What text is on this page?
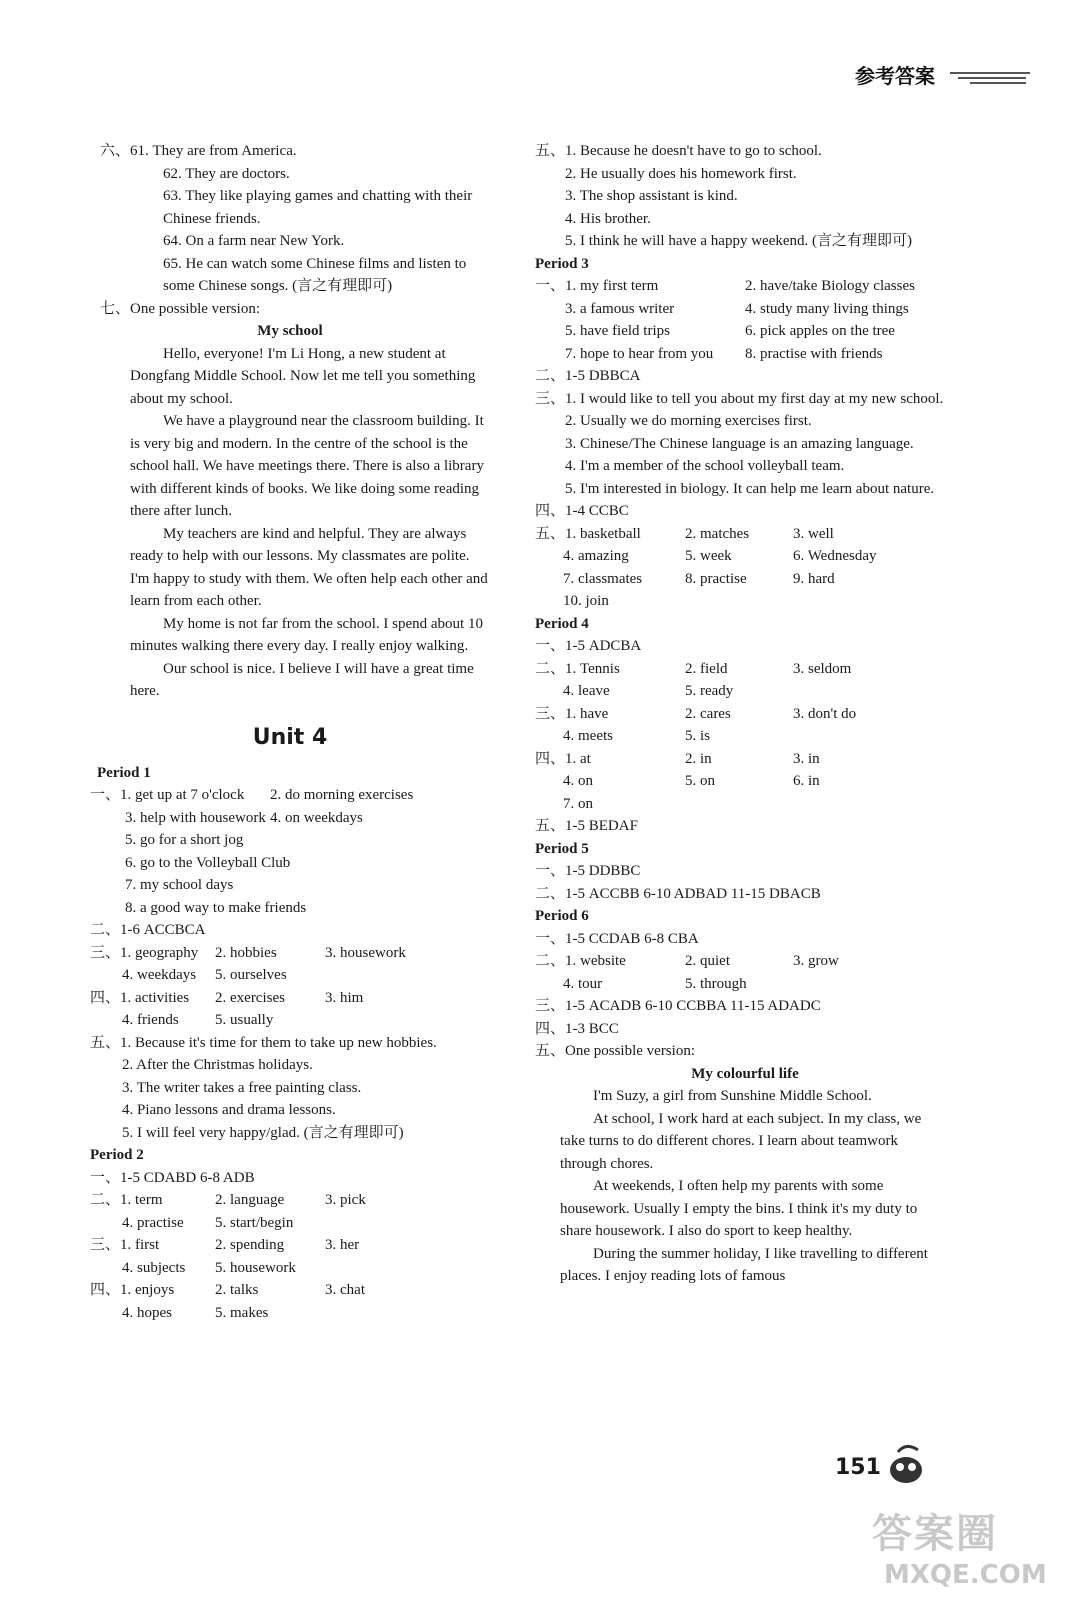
参考答案
六、61. They are from America.
62. They are doctors.
63. They like playing games and chatting with their Chinese friends.
64. On a farm near New York.
65. He can watch some Chinese films and listen to some Chinese songs. (言之有理即可)
七、One possible version:
My school
Hello, everyone! I'm Li Hong, a new student at Dongfang Middle School. Now let me tell you something about my school.
We have a playground near the classroom building. It is very big and modern. In the centre of the school is the school hall. We have meetings there. There is also a library with different kinds of books. We like doing some reading there after lunch.
My teachers are kind and helpful. They are always ready to help with our lessons. My classmates are polite. I'm happy to study with them. We often help each other and learn from each other.
My home is not far from the school. I spend about 10 minutes walking there every day. I really enjoy walking.
Our school is nice. I believe I will have a great time here.
Unit 4
Period 1
一、1. get up at 7 o'clock	2. do morning exercises
3. help with housework 4. on weekdays
5. go for a short jog
6. go to the Volleyball Club
7. my school days
8. a good way to make friends
二、1-6 ACCBCA
三、1. geography	2. hobbies	3. housework
4. weekdays	5. ourselves
四、1. activities	2. exercises	3. him
4. friends	5. usually
五、1. Because it's time for them to take up new hobbies.
2. After the Christmas holidays.
3. The writer takes a free painting class.
4. Piano lessons and drama lessons.
5. I will feel very happy/glad. (言之有理即可)
Period 2
一、1-5 CDABD 6-8 ADB
二、1. term	2. language	3. pick
4. practise	5. start/begin
三、1. first	2. spending	3. her
4. subjects	5. housework
四、1. enjoys	2. talks	3. chat
4. hopes	5. makes
五、1. Because he doesn't have to go to school.
2. He usually does his homework first.
3. The shop assistant is kind.
4. His brother.
5. I think he will have a happy weekend. (言之有理即可)
Period 3
一、1. my first term	2. have/take Biology classes
3. a famous writer	4. study many living things
5. have field trips	6. pick apples on the tree
7. hope to hear from you	8. practise with friends
二、1-5 DBBCA
三、1. I would like to tell you about my first day at my new school.
2. Usually we do morning exercises first.
3. Chinese/The Chinese language is an amazing language.
4. I'm a member of the school volleyball team.
5. I'm interested in biology. It can help me learn about nature.
四、1-4 CCBC
五、1. basketball	2. matches	3. well
4. amazing	5. week	6. Wednesday
7. classmates	8. practise	9. hard
10. join
Period 4
一、1-5 ADCBA
二、1. Tennis	2. field	3. seldom
4. leave	5. ready
三、1. have	2. cares	3. don't do
4. meets	5. is
四、1. at	2. in	3. in
4. on	5. on	6. in
7. on
五、1-5 BEDAF
Period 5
一、1-5 DDBBC
二、1-5 ACCBB 6-10 ADBAD 11-15 DBACB
Period 6
一、1-5 CCDAB 6-8 CBA
二、1. website	2. quiet	3. grow
4. tour	5. through
三、1-5 ACADB 6-10 CCBBA 11-15 ADADC
四、1-3 BCC
五、One possible version:
My colourful life
I'm Suzy, a girl from Sunshine Middle School.
At school, I work hard at each subject. In my class, we take turns to do different chores. I learn about teamwork through chores.
At weekends, I often help my parents with some housework. Usually I empty the bins. I think it's my duty to share housework. I also do sport to keep healthy.
During the summer holiday, I like travelling to different places. I enjoy reading lots of famous
151
答案圈
MXQE.COM
